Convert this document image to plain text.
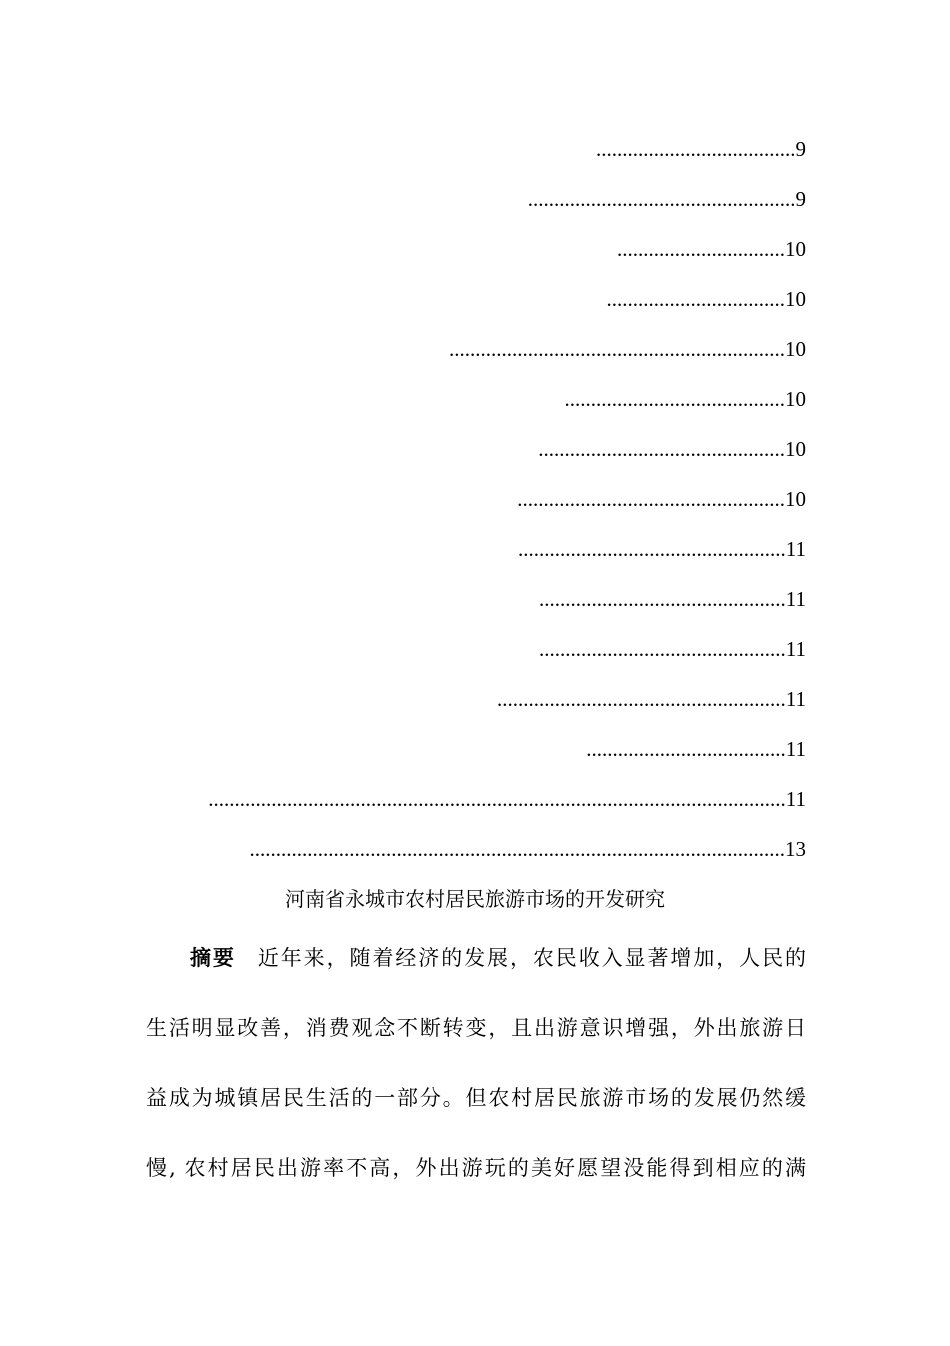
......................................9
...................................................9
................................10
..................................10
................................................................10
..........................................10
...............................................10
...................................................10
...................................................11
...............................................11
...............................................11
.......................................................11
......................................11
..............................................................................................................11
......................................................................................................13
河南省永城市农村居民旅游市场的开发研究
摘要 近年来，随着经济的发展，农民收入显著增加，人民的
生活明显改善，消费观念不断转变，且出游意识增强，外出旅游日
益成为城镇居民生活的一部分。但农村居民旅游市场的发展仍然缓
慢, 农村居民出游率不高，外出游玩的美好愿望没能得到相应的满
